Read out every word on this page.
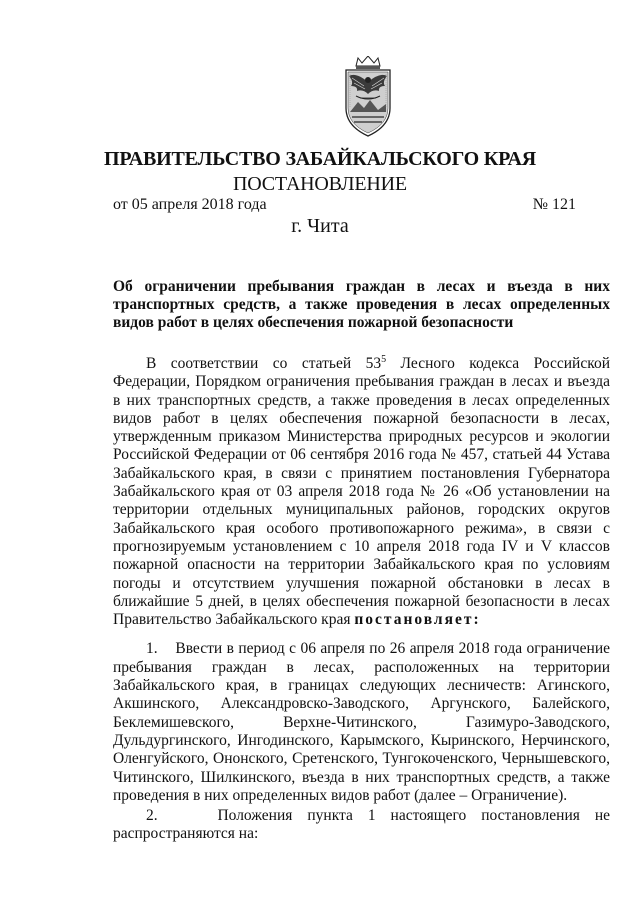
ПРАВИТЕЛЬСТВО ЗАБАЙКАЛЬСКОГО КРАЯ
ПОСТАНОВЛЕНИЕ
от 05 апреля 2018 года	№ 121
г. Чита
Об ограничении пребывания граждан в лесах и въезда в них транспортных средств, а также проведения в лесах определенных видов работ в целях обеспечения пожарной безопасности

В соответствии со статьей $53^5$ Лесного кодекса Российской Федерации, Порядком ограничения пребывания граждан в лесах и въезда в них транспортных средств, а также проведения в лесах определенных видов работ в целях обеспечения пожарной безопасности в лесах, утвержденным приказом Министерства природных ресурсов и экологии Российской Федерации от 06 сентября 2016 года № 457, статьей 44 Устава Забайкальского края, в связи с принятием постановления Губернатора Забайкальского края от 03 апреля 2018 года № 26 «Об установлении на территории отдельных муниципальных районов, городских округов Забайкальского края особого противопожарного режима», в связи с прогнозируемым установлением с 10 апреля 2018 года IV и V классов пожарной опасности на территории Забайкальского края по условиям погоды и отсутствием улучшения пожарной обстановки в лесах в ближайшие 5 дней, в целях обеспечения пожарной безопасности в лесах Правительство Забайкальского края постановляет:

1.    Ввести в период с 06 апреля по 26 апреля 2018 года ограничение пребывания граждан в лесах, расположенных на территории Забайкальского края, в границах следующих лесничеств: Агинского, Акшинского, Александровско-Заводского, Аргунского, Балейского, Беклемишевского, Верхне-Читинского, Газимуро-Заводского, Дульдургинского, Ингодинского, Карымского, Кыринского, Нерчинского, Оленгуйского, Ононского, Сретенского, Тунгокоченского, Чернышевского, Читинского, Шилкинского, въезда в них транспортных средств, а также проведения в них определенных видов работ (далее – Ограничение).

2.    Положения пункта 1 настоящего постановления не распространяются на:
